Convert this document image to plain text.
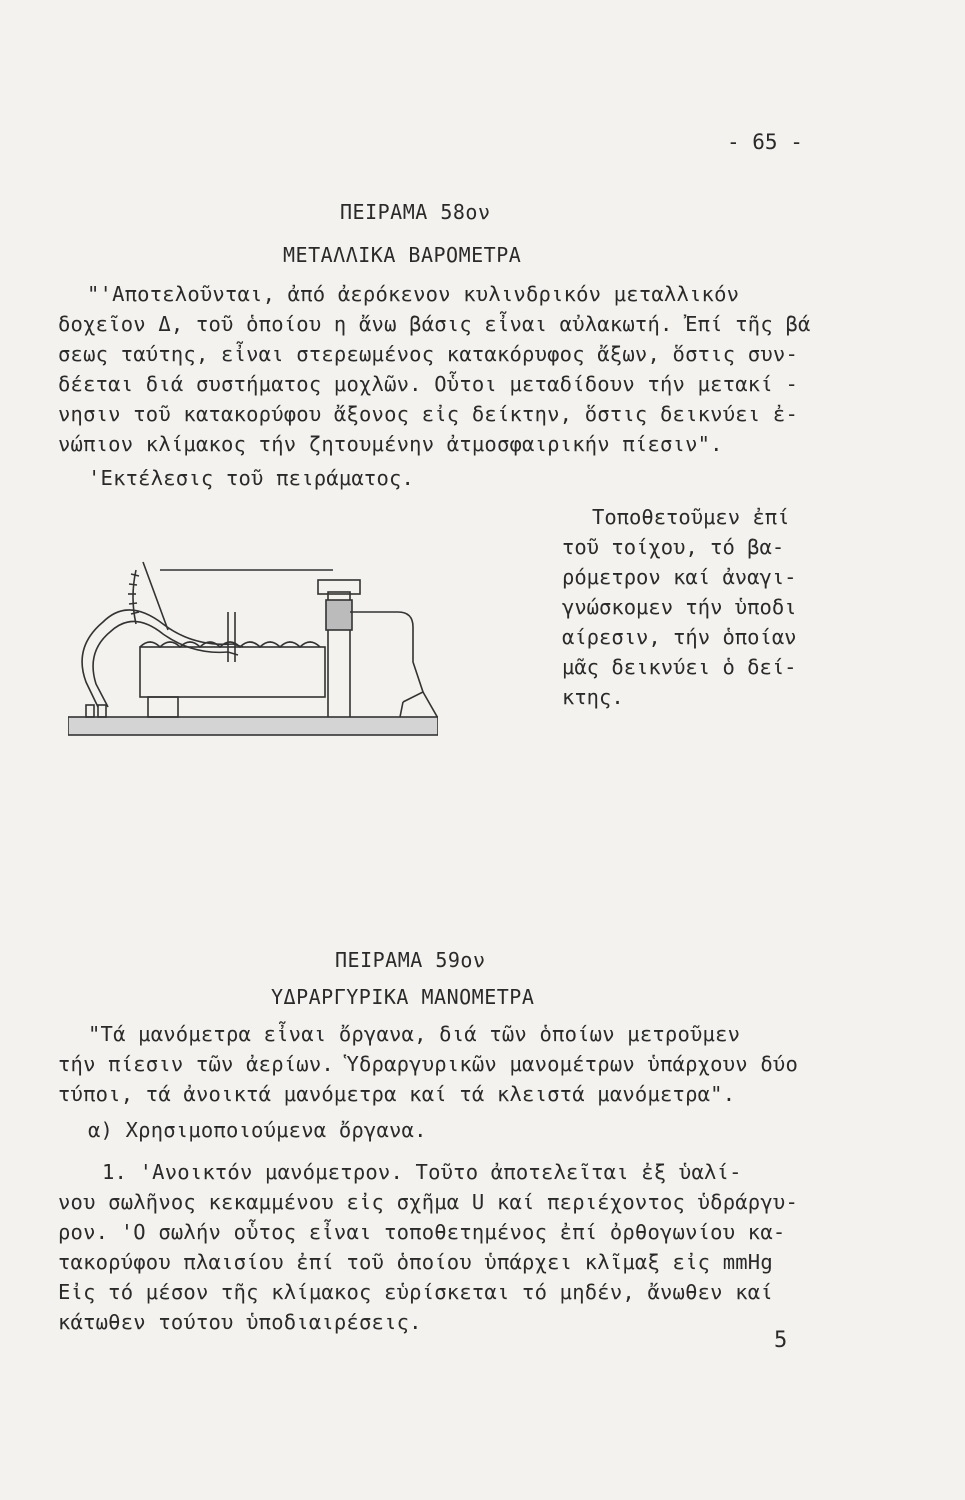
- 65 -
ΠΕΙΡΑΜΑ 58ον
ΜΕΤΑΛΛΙΚΑ ΒΑΡΟΜΕΤΡΑ
"'Αποτελοῦνται, ἀπό ἀερόκενον κυλινδρικόν μεταλλικόν
δοχεῖον Δ, τοῦ ὁποίου η ἄνω βάσις εἶναι αὐλακωτή. Ἐπί τῆς βά
σεως ταύτης, εἶναι στερεωμένος κατακόρυφος ἄξων, ὅστις συν-
δέεται διά συστήματος μοχλῶν. Οὗτοι μεταδίδουν τήν μετακί -
νησιν τοῦ κατακορύφου ἄξονος εἰς δείκτην, ὅστις δεικνύει ἐ-
νώπιον κλίμακος τήν ζητουμένην ἀτμοσφαιρικήν πίεσιν".
'Εκτέλεσις τοῦ πειράματος.
Τοποθετοῦμεν ἐπί
τοῦ τοίχου, τό βα-
ρόμετρον καί ἀναγι-
γνώσκομεν τήν ὑποδι
αίρεσιν, τήν ὁποίαν
μᾶς δεικνύει ὁ δεί-
κτης.
ΠΕΙΡΑΜΑ 59ον
ΥΔΡΑΡΓΥΡΙΚΑ ΜΑΝΟΜΕΤΡΑ
"Τά μανόμετρα εἶναι ὄργανα, διά τῶν ὁποίων μετροῦμεν
τήν πίεσιν τῶν ἀερίων. Ὑδραργυρικῶν μανομέτρων ὑπάρχουν δύο
τύποι, τά ἀνοικτά μανόμετρα καί τά κλειστά μανόμετρα".
α) Χρησιμοποιούμενα ὄργανα.
1. 'Ανοικτόν μανόμετρον. Τοῦτο ἀποτελεῖται ἐξ ὑαλί-
νου σωλῆνος κεκαμμένου εἰς σχῆμα U καί περιέχοντος ὑδράργυ-
ρον. 'Ο σωλήν οὗτος εἶναι τοποθετημένος ἐπί ὀρθογωνίου κα-
τακορύφου πλαισίου ἐπί τοῦ ὁποίου ὑπάρχει κλῖμαξ εἰς mmHg
Εἰς τό μέσον τῆς κλίμακος εὑρίσκεται τό μηδέν, ἄνωθεν καί
κάτωθεν τούτου ὑποδιαιρέσεις.
5
